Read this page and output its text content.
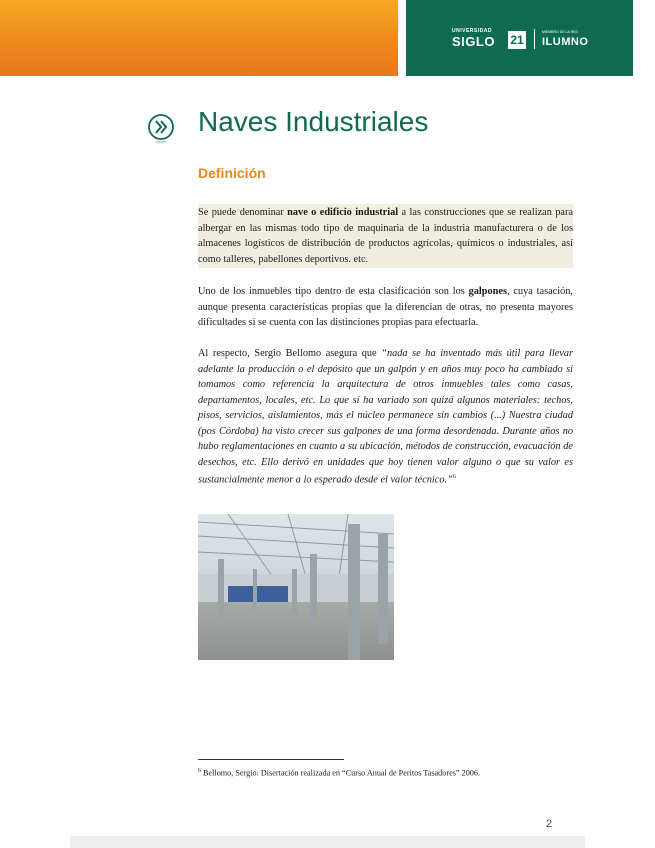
UNIVERSIDAD
SIGLO 21
MIEMBRO DE LA RED
ILUMNO
Naves Industriales
Definición

Se puede denominar nave o edificio industrial a las construcciones que se realizan para albergar en las mismas todo tipo de maquinaria de la industria manufacturera o de los almacenes logísticos de distribución de productos agrícolas, químicos o industriales, así como talleres, pabellones deportivos. etc.

Uno de los inmuebles tipo dentro de esta clasificación son los galpones, cuya tasación, aunque presenta características propias que la diferencian de otras, no presenta mayores dificultades si se cuenta con las distinciones propias para efectuarla.

Al respecto, Sergio Bellomo asegura que “nada se ha inventado más útil para llevar adelante la producción o el depósito que un galpón y en años muy poco ha cambiado si tomamos como referencia la arquitectura de otros inmuebles tales como casas, departamentos, locales, etc. Lo que sí ha variado son quizá algunos materiales: techos, pisos, servicios, aislamientos, más el núcleo permanece sin cambios (...) Nuestra ciudad (pos Córdoba) ha visto crecer sus galpones de una forma desordenada. Durante años no hubo reglamentaciones en cuanto a su ubicación, métodos de construcción, evacuación de desechos, etc. Ello derivó en unidades que hoy tienen valor alguno o que su valor es sustancialmente menor a lo esperado desde el valor técnico.”$^6$

$^6$ Bellomo, Sergio: Disertación realizada en “Curso Anual de Peritos Tasadores” 2006.

2
